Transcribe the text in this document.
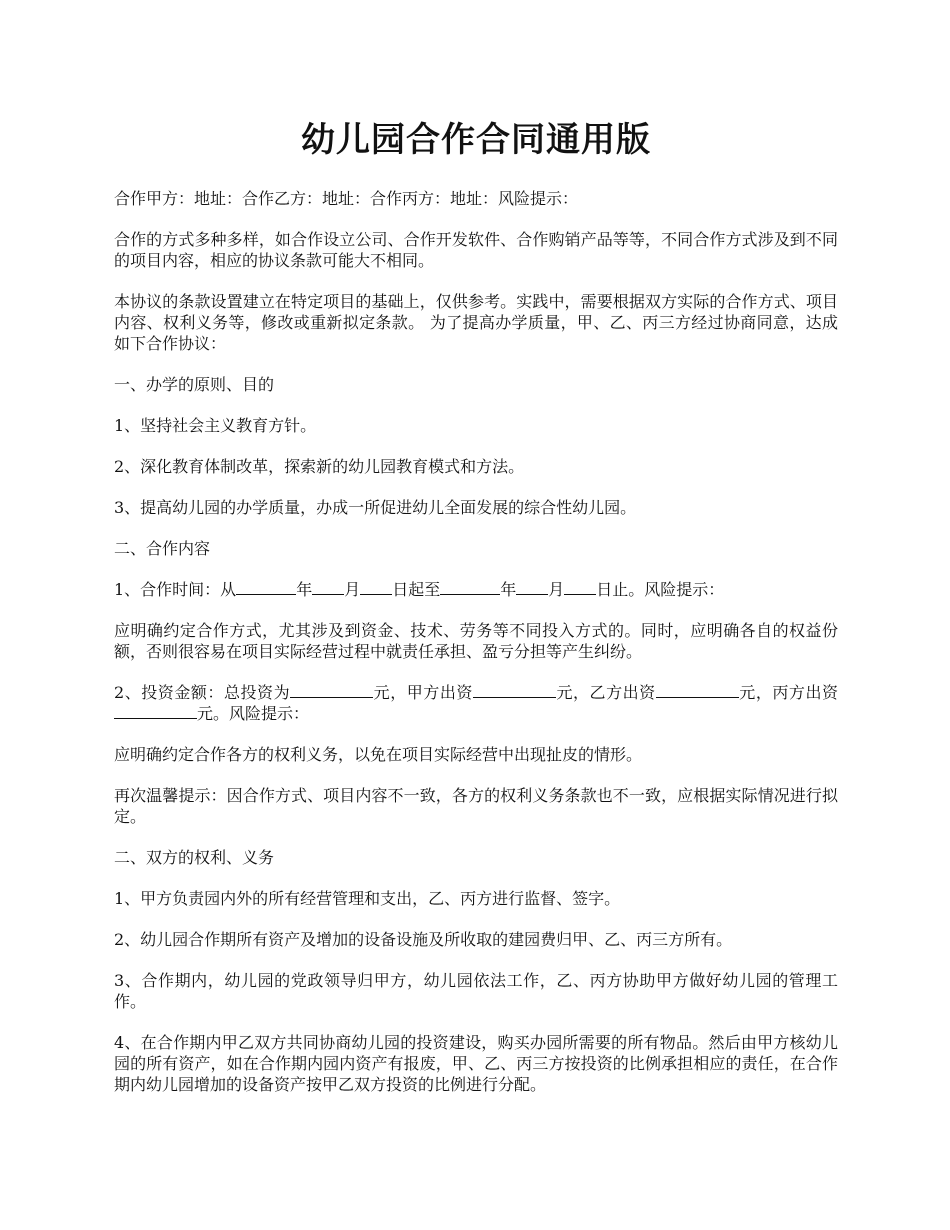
幼儿园合作合同通用版

合作甲方：地址：合作乙方：地址：合作丙方：地址：风险提示：

合作的方式多种多样，如合作设立公司、合作开发软件、合作购销产品等等，不同合作方式涉及到不同的项目内容，相应的协议条款可能大不相同。

本协议的条款设置建立在特定项目的基础上，仅供参考。实践中，需要根据双方实际的合作方式、项目内容、权利义务等，修改或重新拟定条款。 为了提高办学质量，甲、乙、丙三方经过协商同意，达成如下合作协议：

一、办学的原则、目的

1、坚持社会主义教育方针。

2、深化教育体制改革，探索新的幼儿园教育模式和方法。

3、提高幼儿园的办学质量，办成一所促进幼儿全面发展的综合性幼儿园。

二、合作内容

1、合作时间：从	年 月 日起至	年 月 日止。风险提示：

应明确约定合作方式，尤其涉及到资金、技术、劳务等不同投入方式的。同时，应明确各自的权益份额，否则很容易在项目实际经营过程中就责任承担、盈亏分担等产生纠纷。

2、投资金额：总投资为	元，甲方出资	元，乙方出资	元，丙方出资元。风险提示：

应明确约定合作各方的权利义务，以免在项目实际经营中出现扯皮的情形。

再次温馨提示：因合作方式、项目内容不一致，各方的权利义务条款也不一致，应根据实际情况进行拟定。

二、双方的权利、义务

1、甲方负责园内外的所有经营管理和支出，乙、丙方进行监督、签字。

2、幼儿园合作期所有资产及增加的设备设施及所收取的建园费归甲、乙、丙三方所有。

3、合作期内，幼儿园的党政领导归甲方，幼儿园依法工作，乙、丙方协助甲方做好幼儿园的管理工作。

4、在合作期内甲乙双方共同协商幼儿园的投资建设，购买办园所需要的所有物品。然后由甲方核幼儿园的所有资产，如在合作期内园内资产有报废，甲、乙、丙三方按投资的比例承担相应的责任，在合作期内幼儿园增加的设备资产按甲乙双方投资的比例进行分配。
